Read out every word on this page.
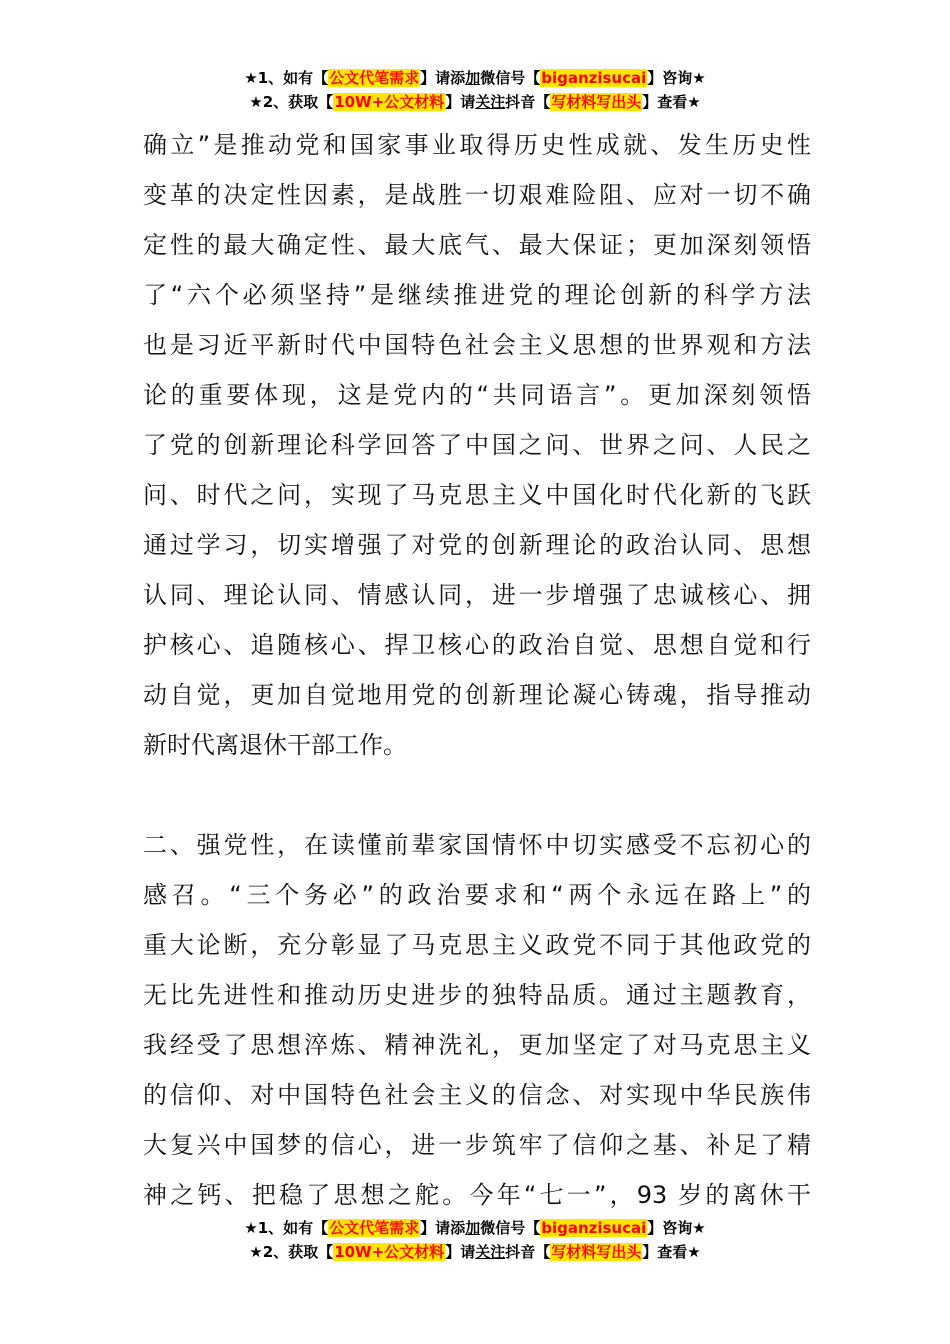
★1、如有【公文代笔需求】请添加微信号【biganzisucai】咨询★
★2、获取【10W+公文材料】请关注抖音【写材料写出头】查看★
确立”是推动党和国家事业取得历史性成就、发生历史性
变革的决定性因素，是战胜一切艰难险阻、应对一切不确
定性的最大确定性、最大底气、最大保证；更加深刻领悟
了“六个必须坚持”是继续推进党的理论创新的科学方法
也是习近平新时代中国特色社会主义思想的世界观和方法
论的重要体现，这是党内的“共同语言”。更加深刻领悟
了党的创新理论科学回答了中国之问、世界之问、人民之
问、时代之问，实现了马克思主义中国化时代化新的飞跃
通过学习，切实增强了对党的创新理论的政治认同、思想
认同、理论认同、情感认同，进一步增强了忠诚核心、拥
护核心、追随核心、捍卫核心的政治自觉、思想自觉和行
动自觉，更加自觉地用党的创新理论凝心铸魂，指导推动
新时代离退休干部工作。
二、强党性，在读懂前辈家国情怀中切实感受不忘初心的
感召。“三个务必”的政治要求和“两个永远在路上”的
重大论断，充分彰显了马克思主义政党不同于其他政党的
无比先进性和推动历史进步的独特品质。通过主题教育，
我经受了思想淬炼、精神洗礼，更加坚定了对马克思主义
的信仰、对中国特色社会主义的信念、对实现中华民族伟
大复兴中国梦的信心，进一步筑牢了信仰之基、补足了精
神之钙、把稳了思想之舵。今年“七一”，93 岁的离休干
★1、如有【公文代笔需求】请添加微信号【biganzisucai】咨询★
★2、获取【10W+公文材料】请关注抖音【写材料写出头】查看★
